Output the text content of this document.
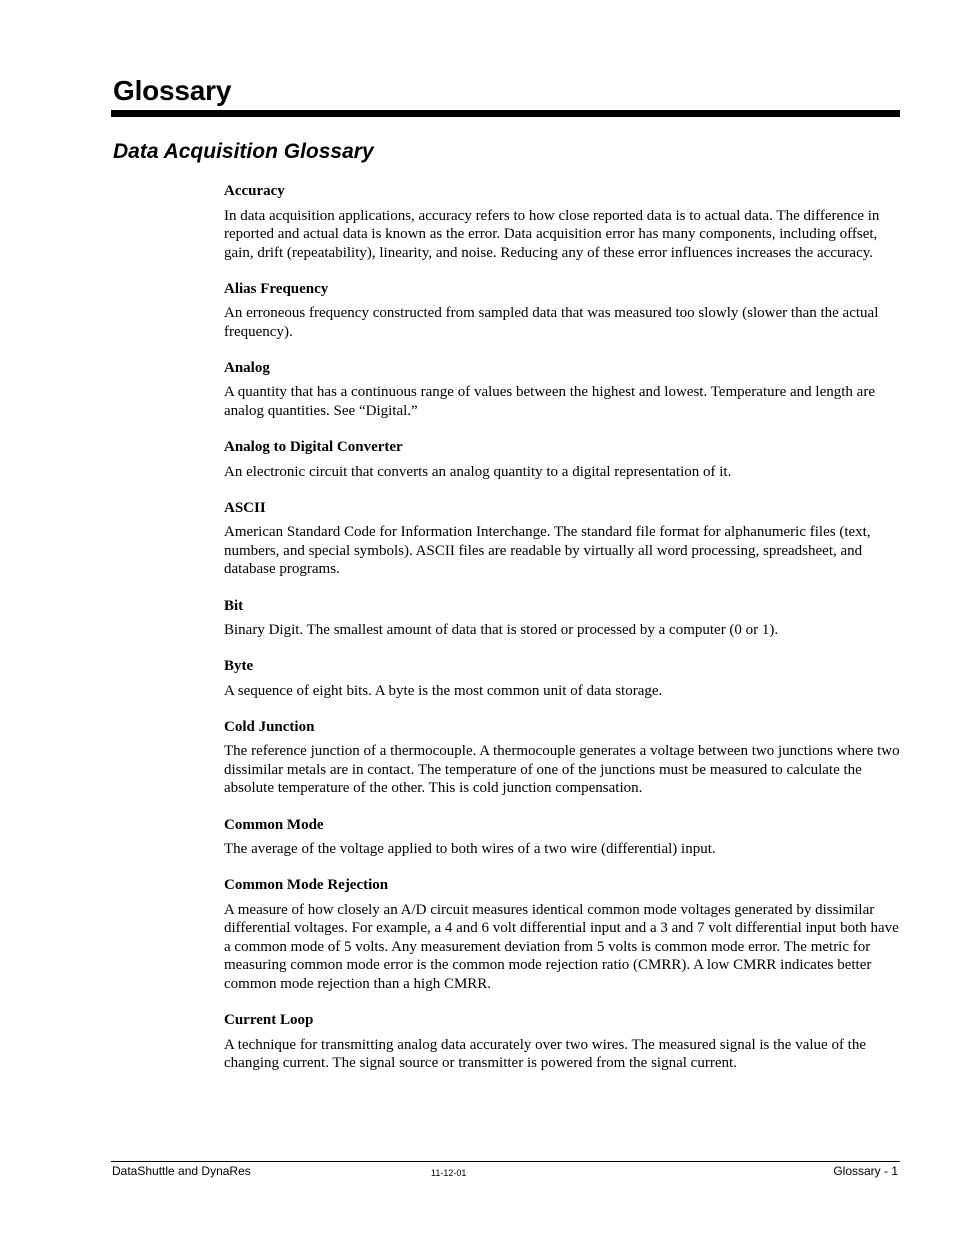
Glossary
Data Acquisition Glossary
Accuracy

In data acquisition applications, accuracy refers to how close reported data is to actual data. The difference in reported and actual data is known as the error. Data acquisition error has many components, including offset, gain, drift (repeatability), linearity, and noise. Reducing any of these error influences increases the accuracy.

Alias Frequency

An erroneous frequency constructed from sampled data that was measured too slowly (slower than the actual frequency).

Analog

A quantity that has a continuous range of values between the highest and lowest. Temperature and length are analog quantities. See “Digital.”

Analog to Digital Converter

An electronic circuit that converts an analog quantity to a digital representation of it.

ASCII

American Standard Code for Information Interchange. The standard file format for alphanumeric files (text, numbers, and special symbols). ASCII files are readable by virtually all word processing, spreadsheet, and database programs.

Bit

Binary Digit. The smallest amount of data that is stored or processed by a computer (0 or 1).

Byte

A sequence of eight bits. A byte is the most common unit of data storage.

Cold Junction

The reference junction of a thermocouple. A thermocouple generates a voltage between two junctions where two dissimilar metals are in contact. The temperature of one of the junctions must be measured to calculate the absolute temperature of the other. This is cold junction compensation.

Common Mode

The average of the voltage applied to both wires of a two wire (differential) input.

Common Mode Rejection

A measure of how closely an A/D circuit measures identical common mode voltages generated by dissimilar differential voltages. For example, a 4 and 6 volt differential input and a 3 and 7 volt differential input both have a common mode of 5 volts. Any measurement deviation from 5 volts is common mode error. The metric for measuring common mode error is the common mode rejection ratio (CMRR). A low CMRR indicates better common mode rejection than a high CMRR.

Current Loop

A technique for transmitting analog data accurately over two wires. The measured signal is the value of the changing current. The signal source or transmitter is powered from the signal current.

DataShuttle and DynaRes	11-12-01	Glossary - 1
